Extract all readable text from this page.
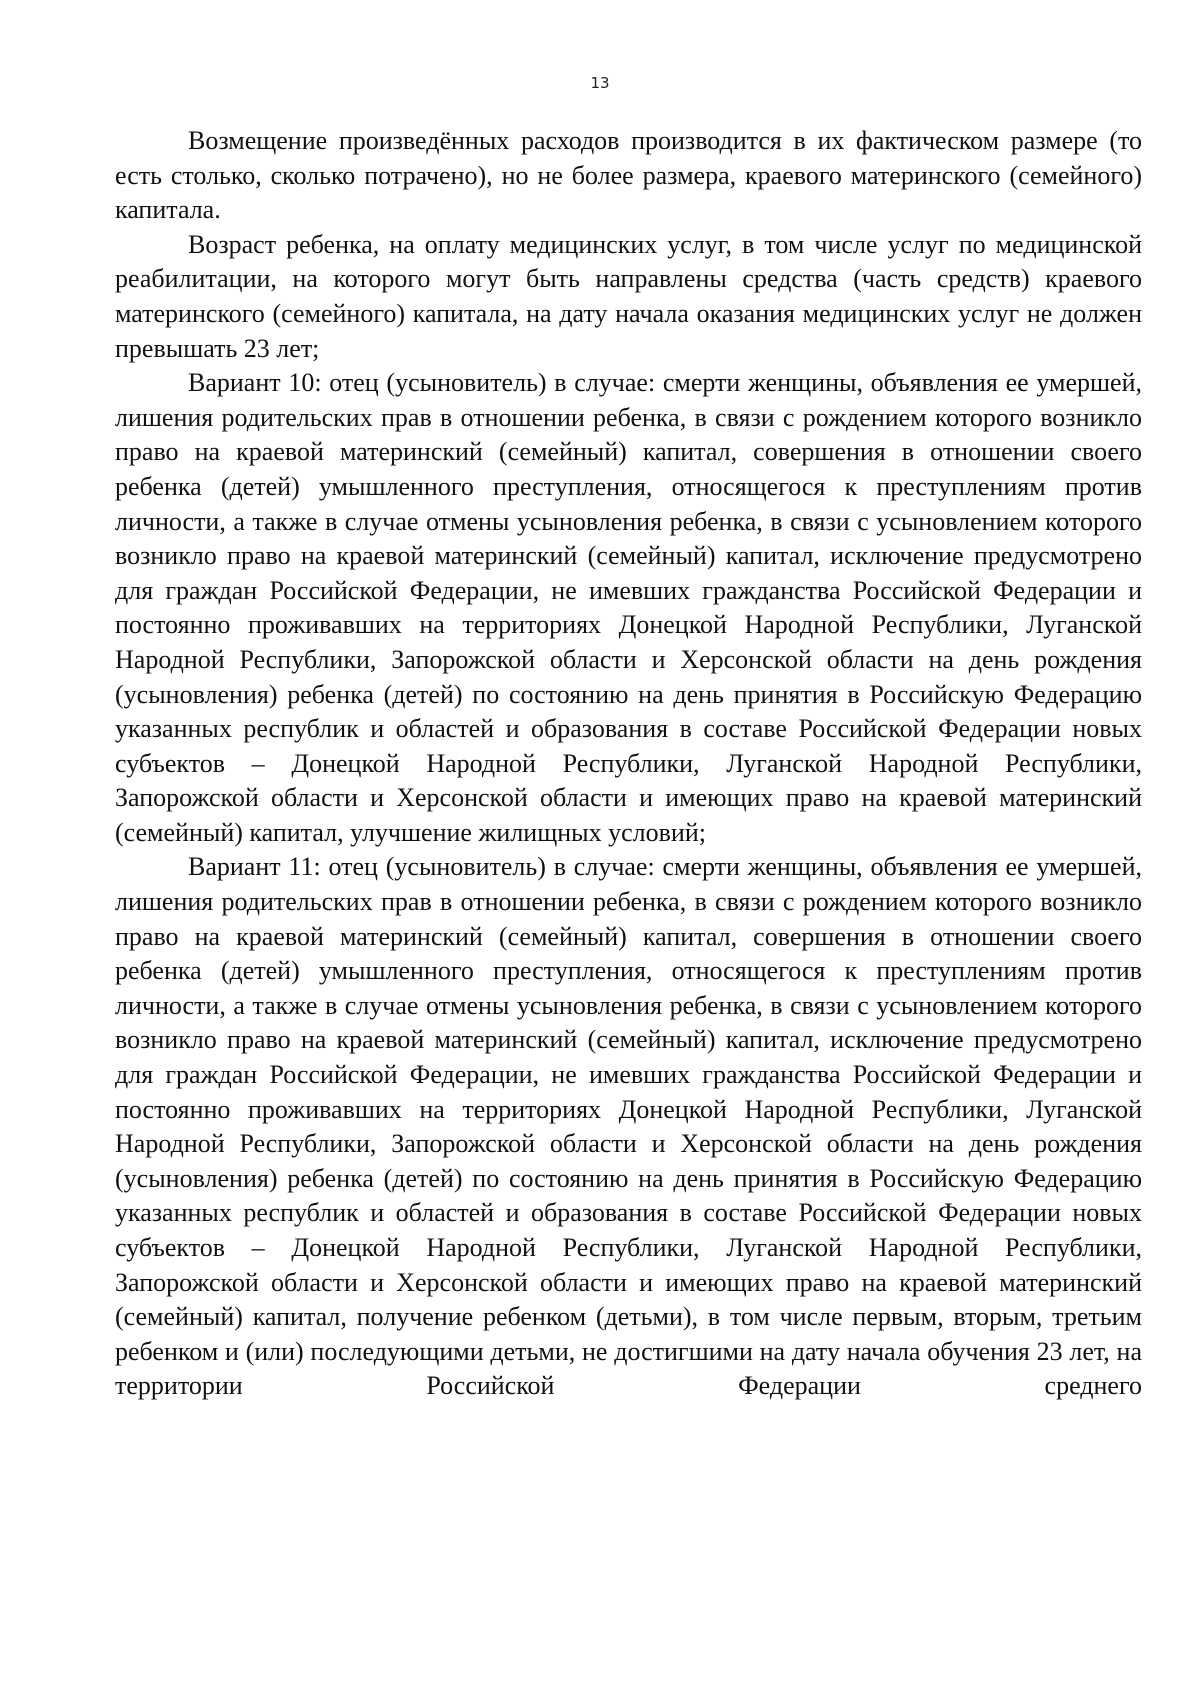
13

Возмещение произведённых расходов производится в их фактическом размере (то есть столько, сколько потрачено), но не более размера, краевого материнского (семейного) капитала.

Возраст ребенка, на оплату медицинских услуг, в том числе услуг по медицинской реабилитации, на которого могут быть направлены средства (часть средств) краевого материнского (семейного) капитала, на дату начала оказания медицинских услуг не должен превышать 23 лет;

Вариант 10: отец (усыновитель) в случае: смерти женщины, объявления ее умершей, лишения родительских прав в отношении ребенка, в связи с рождением которого возникло право на краевой материнский (семейный) капитал, совершения в отношении своего ребенка (детей) умышленного преступления, относящегося к преступлениям против личности, а также в случае отмены усыновления ребенка, в связи с усыновлением которого возникло право на краевой материнский (семейный) капитал, исключение предусмотрено для граждан Российской Федерации, не имевших гражданства Российской Федерации и постоянно проживавших на территориях Донецкой Народной Республики, Луганской Народной Республики, Запорожской области и Херсонской области на день рождения (усыновления) ребенка (детей) по состоянию на день принятия в Российскую Федерацию указанных республик и областей и образования в составе Российской Федерации новых субъектов – Донецкой Народной Республики, Луганской Народной Республики, Запорожской области и Херсонской области и имеющих право на краевой материнский (семейный) капитал, улучшение жилищных условий;

Вариант 11: отец (усыновитель) в случае: смерти женщины, объявления ее умершей, лишения родительских прав в отношении ребенка, в связи с рождением которого возникло право на краевой материнский (семейный) капитал, совершения в отношении своего ребенка (детей) умышленного преступления, относящегося к преступлениям против личности, а также в случае отмены усыновления ребенка, в связи с усыновлением которого возникло право на краевой материнский (семейный) капитал, исключение предусмотрено для граждан Российской Федерации, не имевших гражданства Российской Федерации и постоянно проживавших на территориях Донецкой Народной Республики, Луганской Народной Республики, Запорожской области и Херсонской области на день рождения (усыновления) ребенка (детей) по состоянию на день принятия в Российскую Федерацию указанных республик и областей и образования в составе Российской Федерации новых субъектов – Донецкой Народной Республики, Луганской Народной Республики, Запорожской области и Херсонской области и имеющих право на краевой материнский (семейный) капитал, получение ребенком (детьми), в том числе первым, вторым, третьим ребенком и (или) последующими детьми, не достигшими на дату начала обучения 23 лет, на территории Российской Федерации среднего
